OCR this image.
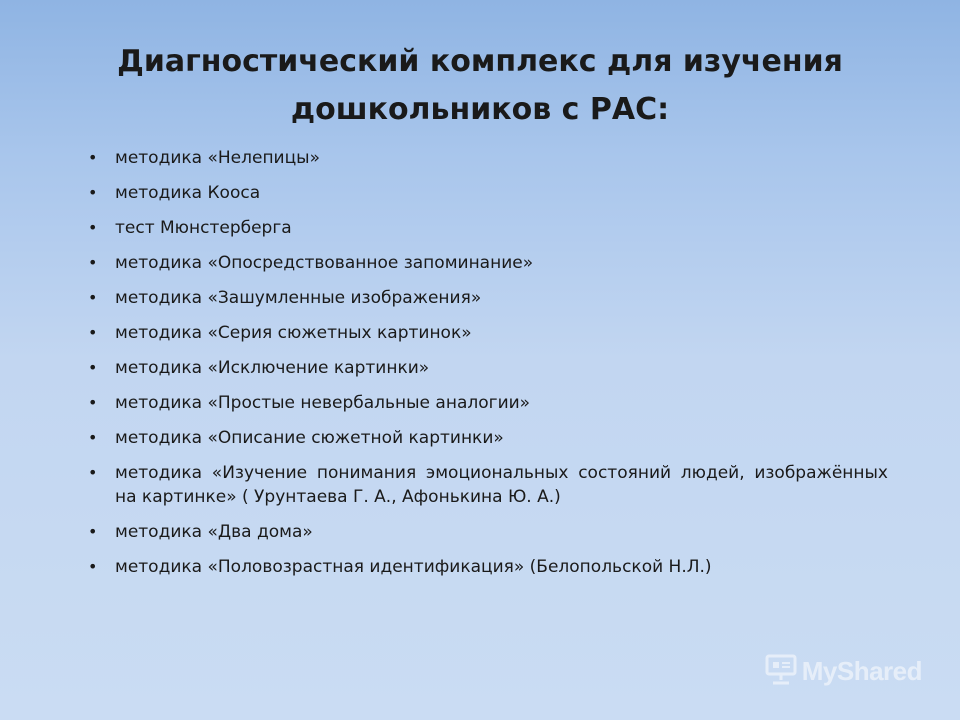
Диагностический комплекс для изучения дошкольников с РАС:
• методика «Нелепицы»
• методика Кооса
• тест Мюнстерберга
• методика «Опосредствованное запоминание»
• методика «Зашумленные изображения»
• методика «Серия сюжетных картинок»
• методика «Исключение картинки»
• методика «Простые невербальные аналогии»
• методика «Описание сюжетной картинки»
• методика «Изучение понимания эмоциональных состояний людей, изображённых на картинке» ( Урунтаева Г. А., Афонькина Ю. А.)
• методика «Два дома»
• методика «Половозрастная идентификация» (Белопольской Н.Л.)
MyShared
